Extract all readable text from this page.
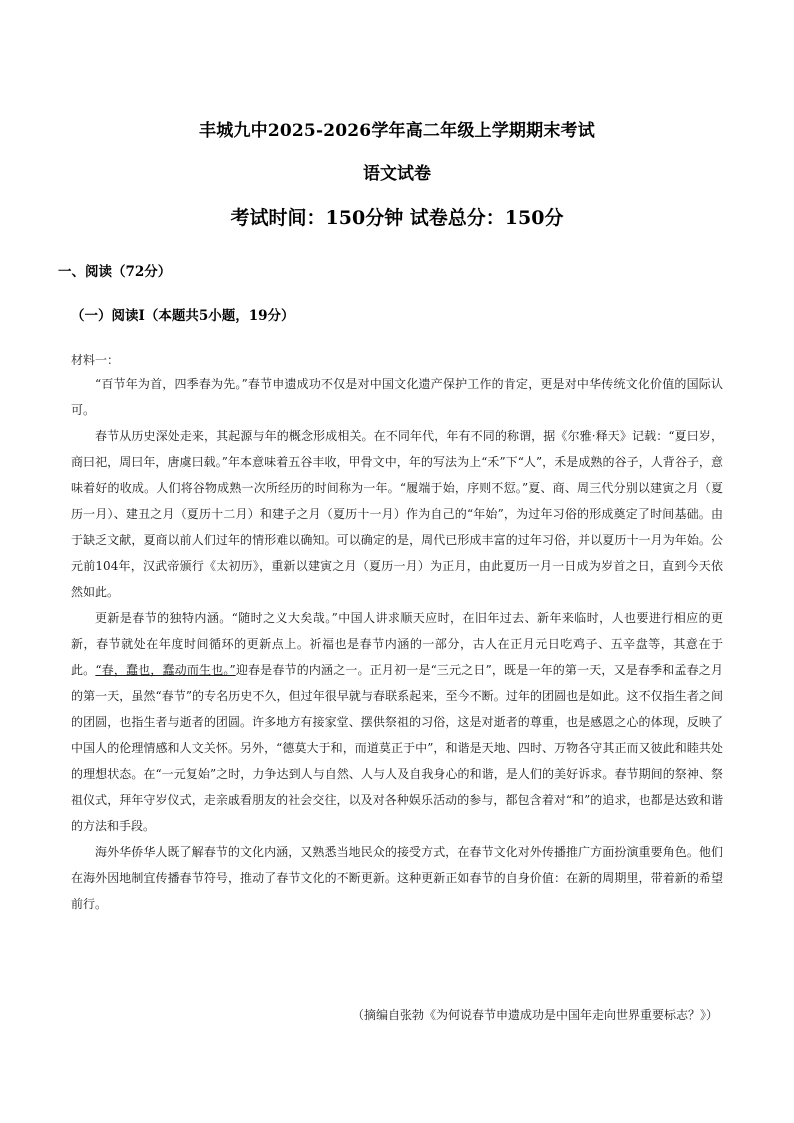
丰城九中2025-2026学年高二年级上学期期末考试
语文试卷
考试时间：150分钟 试卷总分：150分
一、阅读（72分）
（一）阅读I（本题共5小题，19分）
材料一：

“百节年为首，四季春为先。”春节申遗成功不仅是对中国文化遗产保护工作的肯定，更是对中华传统文化价值的国际认可。

春节从历史深处走来，其起源与年的概念形成相关。在不同年代，年有不同的称谓，据《尔雅·释天》记载：“夏曰岁，商曰祀，周曰年，唐虞曰载。”年本意味着五谷丰收，甲骨文中，年的写法为上“禾”下“人”，禾是成熟的谷子，人背谷子，意味着好的收成。人们将谷物成熟一次所经历的时间称为一年。“履端于始，序则不愆。”夏、商、周三代分别以建寅之月（夏历一月）、建丑之月（夏历十二月）和建子之月（夏历十一月）作为自己的“年始”，为过年习俗的形成奠定了时间基础。由于缺乏文献，夏商以前人们过年的情形难以确知。可以确定的是，周代已形成丰富的过年习俗，并以夏历十一月为年始。公元前104年，汉武帝颁行《太初历》，重新以建寅之月（夏历一月）为正月，由此夏历一月一日成为岁首之日，直到今天依然如此。

更新是春节的独特内涵。“随时之义大矣哉。”中国人讲求顺天应时，在旧年过去、新年来临时，人也要进行相应的更新，春节就处在年度时间循环的更新点上。祈福也是春节内涵的一部分，古人在正月元日吃鸡子、五辛盘等，其意在于此。“春，蠢也，蠢动而生也。”迎春是春节的内涵之一。正月初一是“三元之日”，既是一年的第一天，又是春季和孟春之月的第一天，虽然“春节”的专名历史不久，但过年很早就与春联系起来，至今不断。过年的团圆也是如此。这不仅指生者之间的团圆，也指生者与逝者的团圆。许多地方有接家堂、摆供祭祖的习俗，这是对逝者的尊重，也是感恩之心的体现，反映了中国人的伦理情感和人文关怀。另外，“德莫大于和，而道莫正于中”，和谐是天地、四时、万物各守其正而又彼此和睦共处的理想状态。在“一元复始”之时，力争达到人与自然、人与人及自我身心的和谐，是人们的美好诉求。春节期间的祭神、祭祖仪式，拜年守岁仪式，走亲戚看朋友的社会交往，以及对各种娱乐活动的参与，都包含着对“和”的追求，也都是达致和谐的方法和手段。

海外华侨华人既了解春节的文化内涵，又熟悉当地民众的接受方式，在春节文化对外传播推广方面扮演重要角色。他们在海外因地制宜传播春节符号，推动了春节文化的不断更新。这种更新正如春节的自身价值：在新的周期里，带着新的希望前行。

（摘编自张勃《为何说春节申遗成功是中国年走向世界重要标志？》）
